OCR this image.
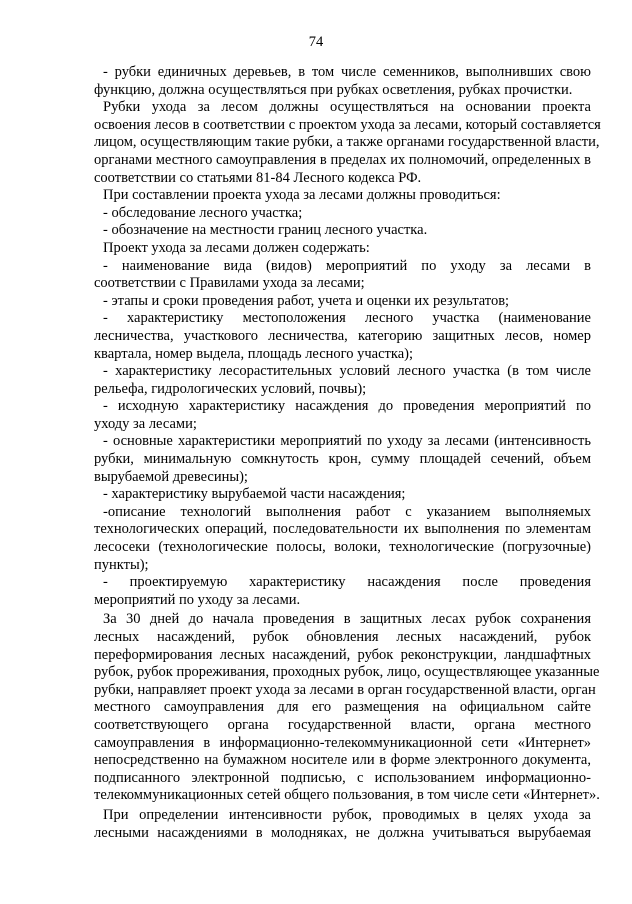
74
- рубки единичных деревьев, в том числе семенников, выполнивших свою
функцию, должна осуществляться при рубках осветления, рубках прочистки.
Рубки ухода за лесом должны осуществляться на основании проекта
освоения лесов в соответствии с проектом ухода за лесами, который составляется
лицом, осуществляющим такие рубки, а также органами государственной власти,
органами местного самоуправления в пределах их полномочий, определенных в
соответствии со статьями 81-84 Лесного кодекса РФ.
При составлении проекта ухода за лесами должны проводиться:
- обследование лесного участка;
- обозначение на местности границ лесного участка.
Проект ухода за лесами должен содержать:
- наименование вида (видов) мероприятий по уходу за лесами в
соответствии с Правилами ухода за лесами;
- этапы и сроки проведения работ, учета и оценки их результатов;
- характеристику местоположения лесного участка (наименование
лесничества, участкового лесничества, категорию защитных лесов, номер
квартала, номер выдела, площадь лесного участка);
- характеристику лесорастительных условий лесного участка (в том числе
рельефа, гидрологических условий, почвы);
- исходную характеристику насаждения до проведения мероприятий по
уходу за лесами;
- основные характеристики мероприятий по уходу за лесами (интенсивность
рубки, минимальную сомкнутость крон, сумму площадей сечений, объем
вырубаемой древесины);
- характеристику вырубаемой части насаждения;
-описание технологий выполнения работ с указанием выполняемых
технологических операций, последовательности их выполнения по элементам
лесосеки (технологические полосы, волоки, технологические (погрузочные)
пункты);
- проектируемую характеристику насаждения после проведения
мероприятий по уходу за лесами.
За 30 дней до начала проведения в защитных лесах рубок сохранения
лесных насаждений, рубок обновления лесных насаждений, рубок
переформирования лесных насаждений, рубок реконструкции, ландшафтных
рубок, рубок прореживания, проходных рубок, лицо, осуществляющее указанные
рубки, направляет проект ухода за лесами в орган государственной власти, орган
местного самоуправления для его размещения на официальном сайте
соответствующего органа государственной власти, органа местного
самоуправления в информационно-телекоммуникационной сети «Интернет»
непосредственно на бумажном носителе или в форме электронного документа,
подписанного электронной подписью, с использованием информационно-
телекоммуникационных сетей общего пользования, в том числе сети «Интернет».
При определении интенсивности рубок, проводимых в целях ухода за
лесными насаждениями в молодняках, не должна учитываться вырубаемая
